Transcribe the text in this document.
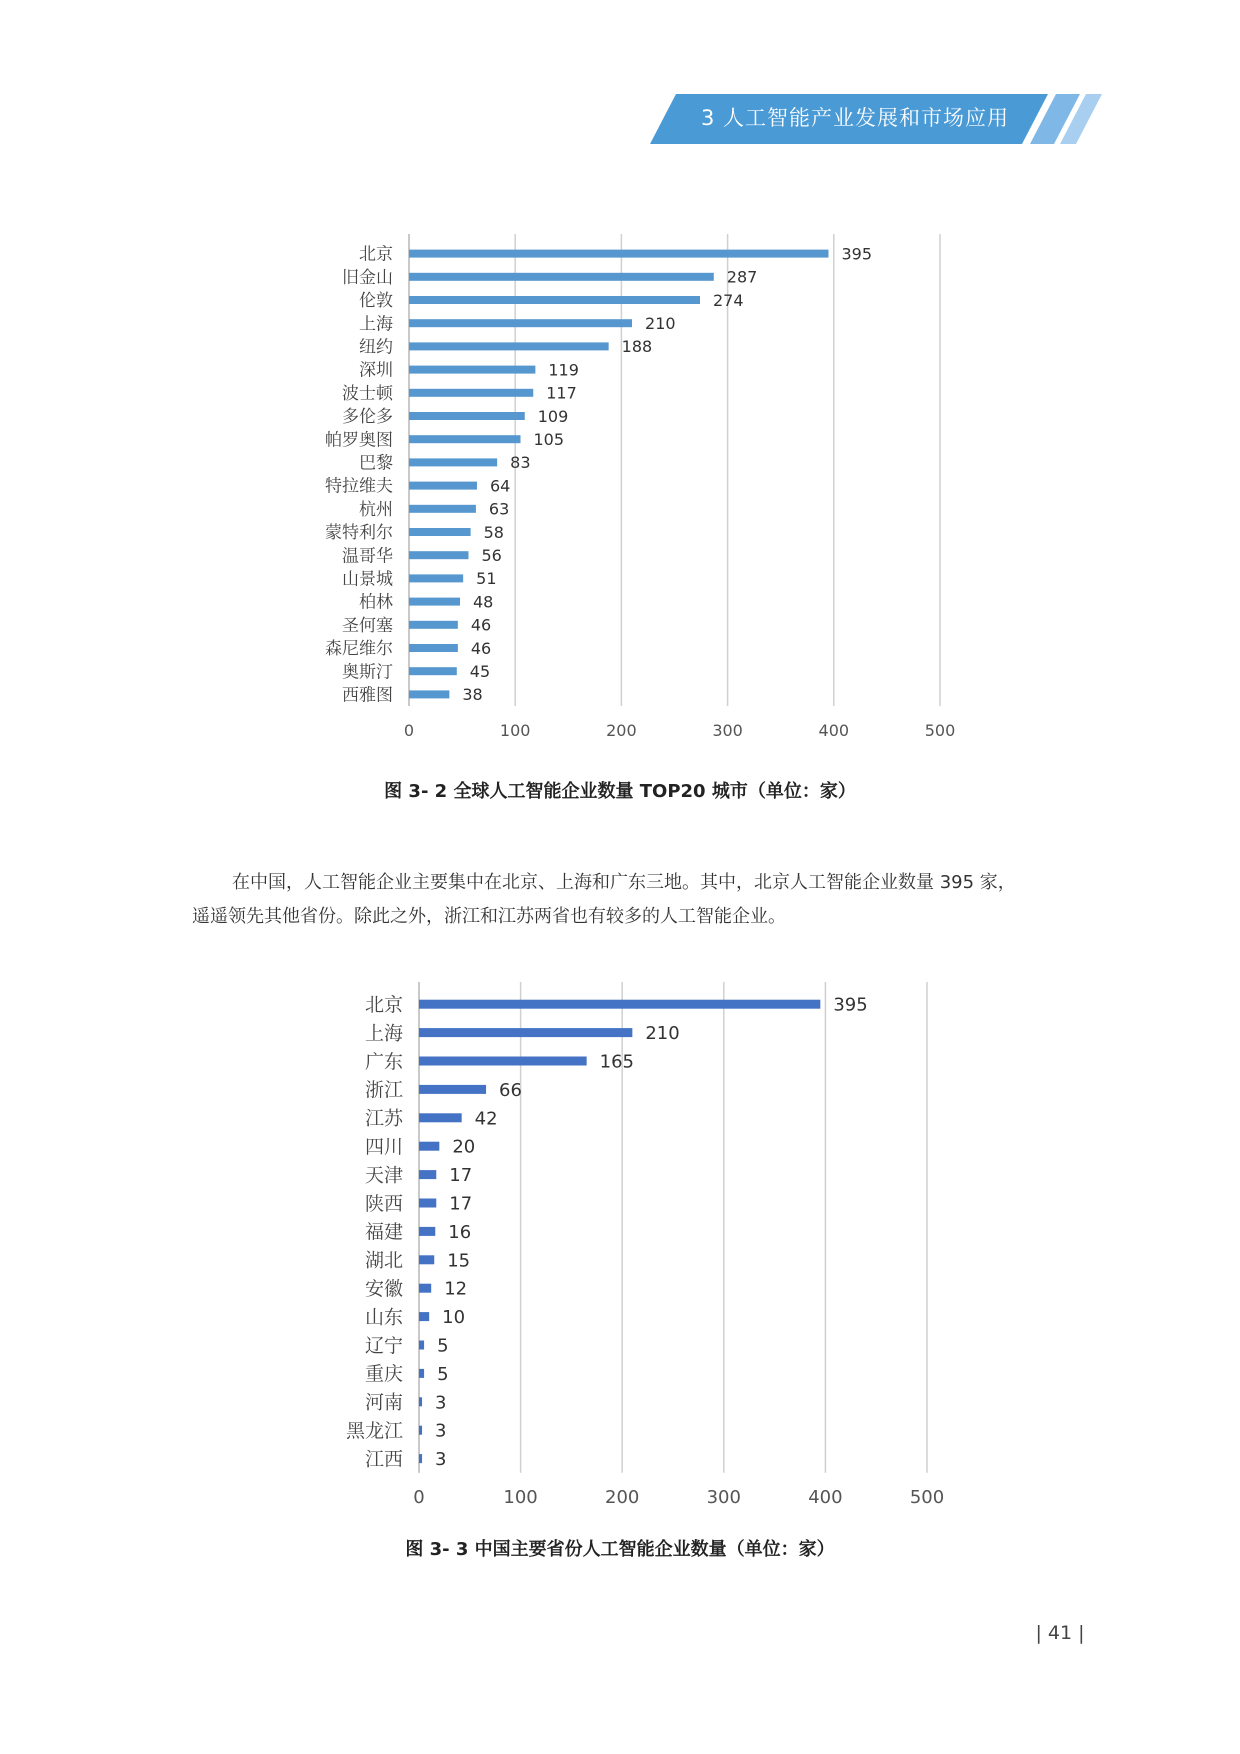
3 人工智能产业发展和市场应用
0	100	200	300	400	500
北京	395
旧金山	287
伦敦	274
上海	210
纽约	188
深圳	119
波士顿	117
多伦多	109
帕罗奥图	105
巴黎	83
特拉维夫	64
杭州	63
蒙特利尔	58
温哥华	56
山景城	51
柏林	48
圣何塞	46
森尼维尔	46
奥斯汀	45
西雅图	38
图 3- 2 全球人工智能企业数量 TOP20 城市（单位：家）
在中国，人工智能企业主要集中在北京、上海和广东三地。其中，北京人工智能企业数量 395 家，
遥遥领先其他省份。除此之外，浙江和江苏两省也有较多的人工智能企业。
0	100	200	300	400	500
北京	395
上海	210
广东	165
浙江	66
江苏	42
四川	20
天津	17
陕西	17
福建	16
湖北 15
安徽 12
山东 10
辽宁 5
重庆 5
河南 3
黑龙江 3
江西 3
图 3- 3 中国主要省份人工智能企业数量（单位：家）
| 41 |
